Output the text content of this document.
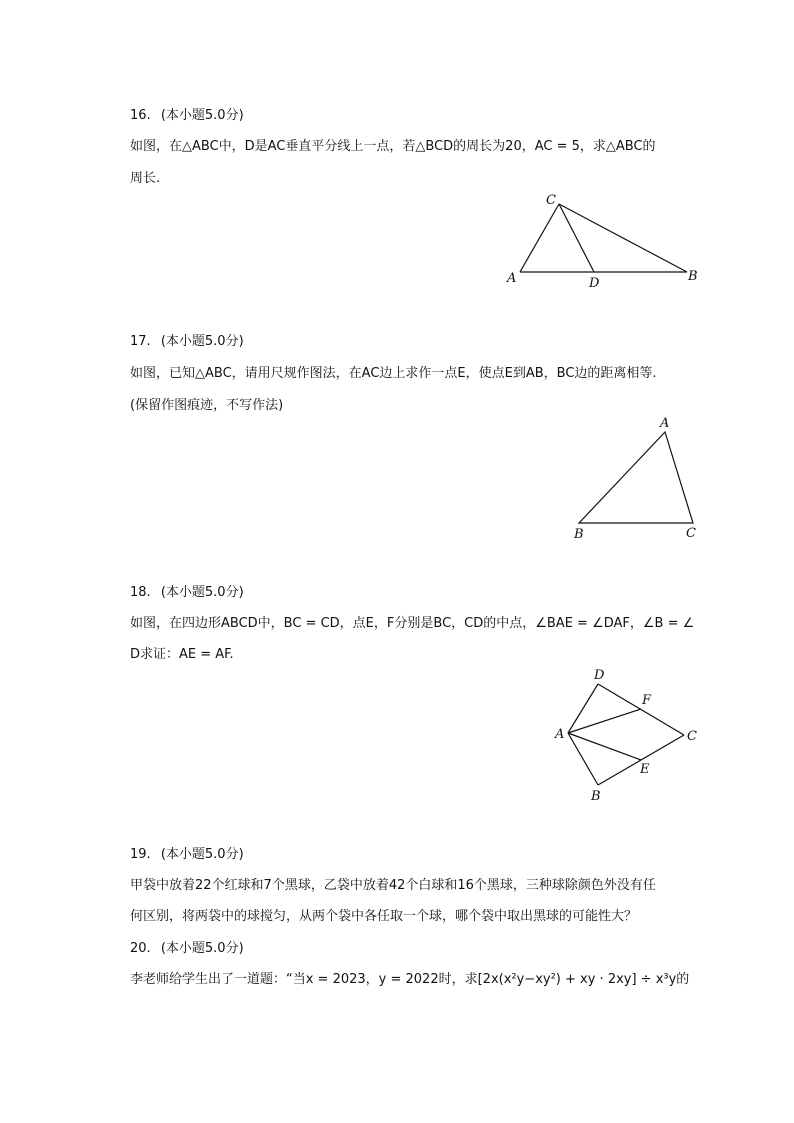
16. (本小题5.0分)
如图，在△ABC中，D是AC垂直平分线上一点，若△BCD的周长为20，AC = 5，求△ABC的
周长.
A	B
C
D
17. (本小题5.0分)
如图，已知△ABC，请用尺规作图法，在AC边上求作一点E，使点E到AB，BC边的距离相等.
(保留作图痕迹，不写作法)
A
B	C
18. (本小题5.0分)
如图，在四边形ABCD中，BC = CD，点E，F分别是BC，CD的中点，∠BAE = ∠DAF，∠B = ∠
D求证：AE = AF.
A
B
C
D
E
F
19. (本小题5.0分)
甲袋中放着22个红球和7个黑球，乙袋中放着42个白球和16个黑球，三种球除颜色外没有任
何区别，将两袋中的球搅匀，从两个袋中各任取一个球，哪个袋中取出黑球的可能性大？
20. (本小题5.0分)
李老师给学生出了一道题：“当x = 2023，y = 2022时，求[2x(x²y−xy²) + xy · 2xy] ÷ x³y的
